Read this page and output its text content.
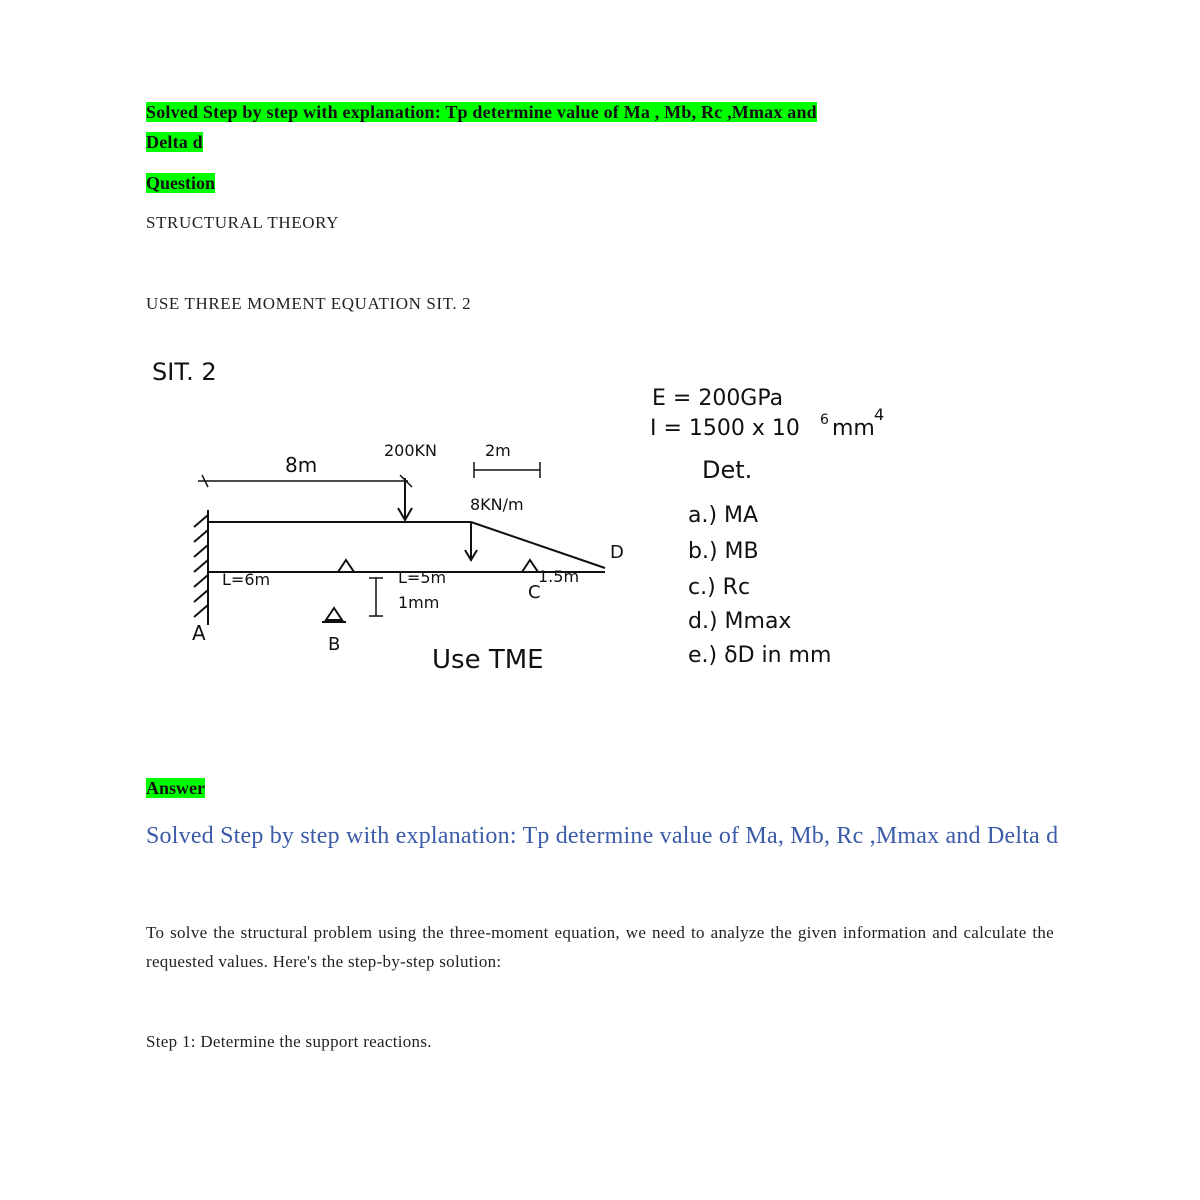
Solved Step by step with explanation: Tp determine value of Ma , Mb, Rc ,Mmax and
Delta d
Question
STRUCTURAL THEORY
USE THREE MOMENT EQUATION SIT. 2
SIT. 2
8m
200KN	2m
8KN/m
D
L=6m	L=5m
1mm
1.5m
B
C
A
Use TME
E = 200GPa
I = 1500 x 10 6 mm
4
Det.
a.) MA
b.) MB
c.) Rc
d.) Mmax
e.) δD in mm
Answer
Solved Step by step with explanation: Tp determine value of Ma, Mb, Rc ,Mmax and Delta d
To solve the structural problem using the three-moment equation, we need to analyze the given information and calculate the requested values. Here's the step-by-step solution:
Step 1: Determine the support reactions.
